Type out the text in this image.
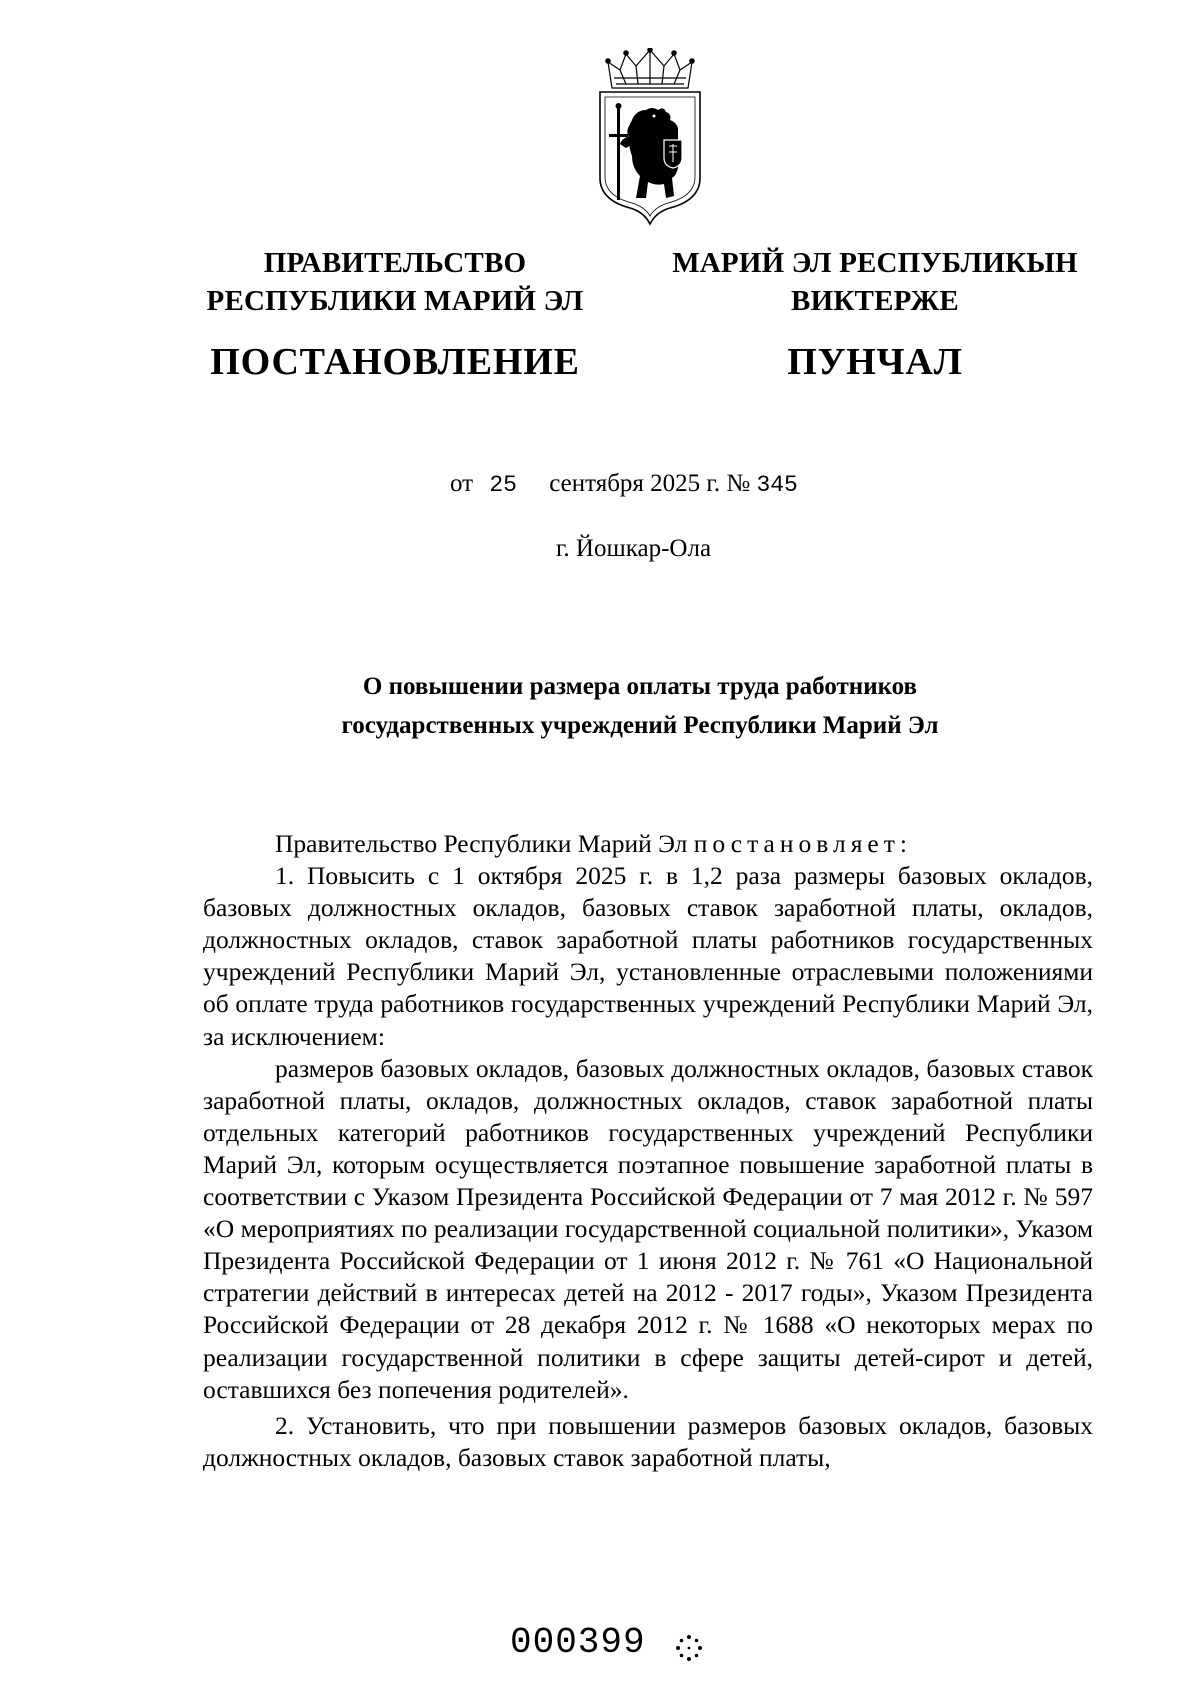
ПРАВИТЕЛЬСТВО
РЕСПУБЛИКИ МАРИЙ ЭЛ
ПОСТАНОВЛЕНИЕ
МАРИЙ ЭЛ РЕСПУБЛИКЫН
ВИКТЕРЖЕ
ПУНЧАЛ
от 25 сентября 2025 г. № 345
г. Йошкар-Ола
О повышении размера оплаты труда работников
государственных учреждений Республики Марий Эл

Правительство Республики Марий Эл постановляет:

1. Повысить с 1 октября 2025 г. в 1,2 раза размеры базовых окладов, базовых должностных окладов, базовых ставок заработной платы, окладов, должностных окладов, ставок заработной платы работников государственных учреждений Республики Марий Эл, установленные отраслевыми положениями об оплате труда работников государственных учреждений Республики Марий Эл, за исключением:

размеров базовых окладов, базовых должностных окладов, базовых ставок заработной платы, окладов, должностных окладов, ставок заработной платы отдельных категорий работников государственных учреждений Республики Марий Эл, которым осуществляется поэтапное повышение заработной платы в соответствии с Указом Президента Российской Федерации от 7 мая 2012 г. № 597 «О мероприятиях по реализации государственной социальной политики», Указом Президента Российской Федерации от 1 июня 2012 г. № 761 «О Национальной стратегии действий в интересах детей на 2012 - 2017 годы», Указом Президента Российской Федерации от 28 декабря 2012 г. № 1688 «О некоторых мерах по реализации государственной политики в сфере защиты детей-сирот и детей, оставшихся без попечения родителей».

2. Установить, что при повышении размеров базовых окладов, базовых должностных окладов, базовых ставок заработной платы,

000399
